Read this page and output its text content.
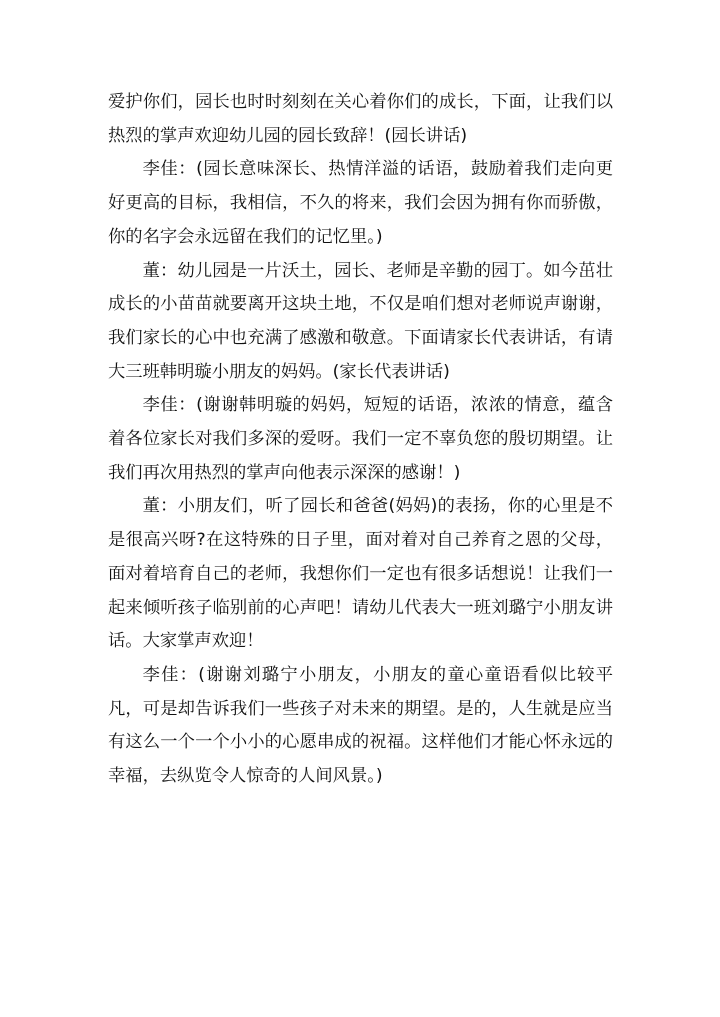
爱护你们，园长也时时刻刻在关心着你们的成长，下面，让我们以热烈的掌声欢迎幼儿园的园长致辞！(园长讲话)

李佳：(园长意味深长、热情洋溢的话语，鼓励着我们走向更好更高的目标，我相信，不久的将来，我们会因为拥有你而骄傲，你的名字会永远留在我们的记忆里。)

董：幼儿园是一片沃土，园长、老师是辛勤的园丁。如今茁壮成长的小苗苗就要离开这块土地，不仅是咱们想对老师说声谢谢，我们家长的心中也充满了感激和敬意。下面请家长代表讲话，有请大三班韩明璇小朋友的妈妈。(家长代表讲话)

李佳：(谢谢韩明璇的妈妈，短短的话语，浓浓的情意，蕴含着各位家长对我们多深的爱呀。我们一定不辜负您的殷切期望。让我们再次用热烈的掌声向他表示深深的感谢！)

董：小朋友们，听了园长和爸爸(妈妈)的表扬，你的心里是不是很高兴呀?在这特殊的日子里，面对着对自己养育之恩的父母，面对着培育自己的老师，我想你们一定也有很多话想说！让我们一起来倾听孩子临别前的心声吧！请幼儿代表大一班刘璐宁小朋友讲话。大家掌声欢迎！

李佳：(谢谢刘璐宁小朋友，小朋友的童心童语看似比较平凡，可是却告诉我们一些孩子对未来的期望。是的，人生就是应当有这么一个一个小小的心愿串成的祝福。这样他们才能心怀永远的幸福，去纵览令人惊奇的人间风景。)
